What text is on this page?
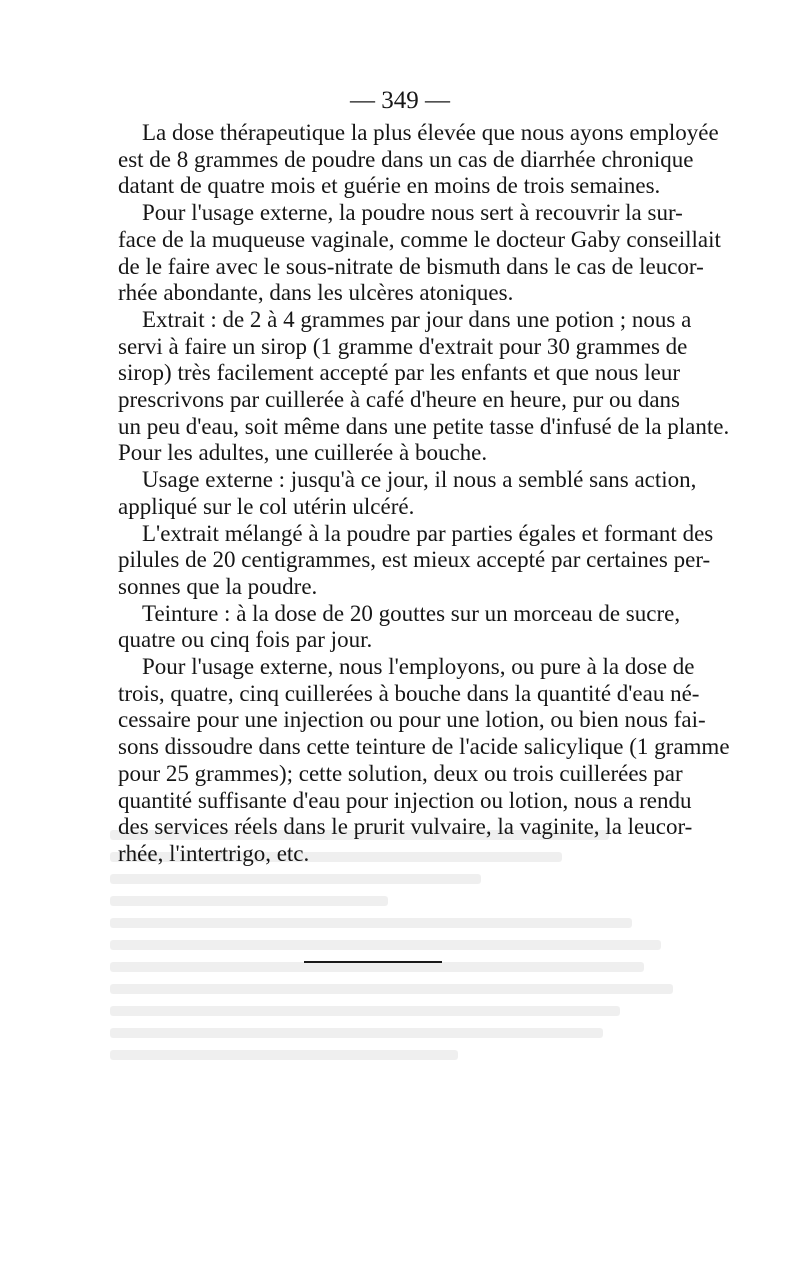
— 349 —

La dose thérapeutique la plus élevée que nous ayons employée
est de 8 grammes de poudre dans un cas de diarrhée chronique
datant de quatre mois et guérie en moins de trois semaines.

Pour l'usage externe, la poudre nous sert à recouvrir la sur-
face de la muqueuse vaginale, comme le docteur Gaby conseillait
de le faire avec le sous-nitrate de bismuth dans le cas de leucor-
rhée abondante, dans les ulcères atoniques.

Extrait : de 2 à 4 grammes par jour dans une potion ; nous a
servi à faire un sirop (1 gramme d'extrait pour 30 grammes de
sirop) très facilement accepté par les enfants et que nous leur
prescrivons par cuillerée à café d'heure en heure, pur ou dans
un peu d'eau, soit même dans une petite tasse d'infusé de la plante.
Pour les adultes, une cuillerée à bouche.

Usage externe : jusqu'à ce jour, il nous a semblé sans action,
appliqué sur le col utérin ulcéré.

L'extrait mélangé à la poudre par parties égales et formant des
pilules de 20 centigrammes, est mieux accepté par certaines per-
sonnes que la poudre.

Teinture : à la dose de 20 gouttes sur un morceau de sucre,
quatre ou cinq fois par jour.

Pour l'usage externe, nous l'employons, ou pure à la dose de
trois, quatre, cinq cuillerées à bouche dans la quantité d'eau né-
cessaire pour une injection ou pour une lotion, ou bien nous fai-
sons dissoudre dans cette teinture de l'acide salicylique (1 gramme
pour 25 grammes); cette solution, deux ou trois cuillerées par
quantité suffisante d'eau pour injection ou lotion, nous a rendu
des services réels dans le prurit vulvaire, la vaginite, la leucor-
rhée, l'intertrigo, etc.
